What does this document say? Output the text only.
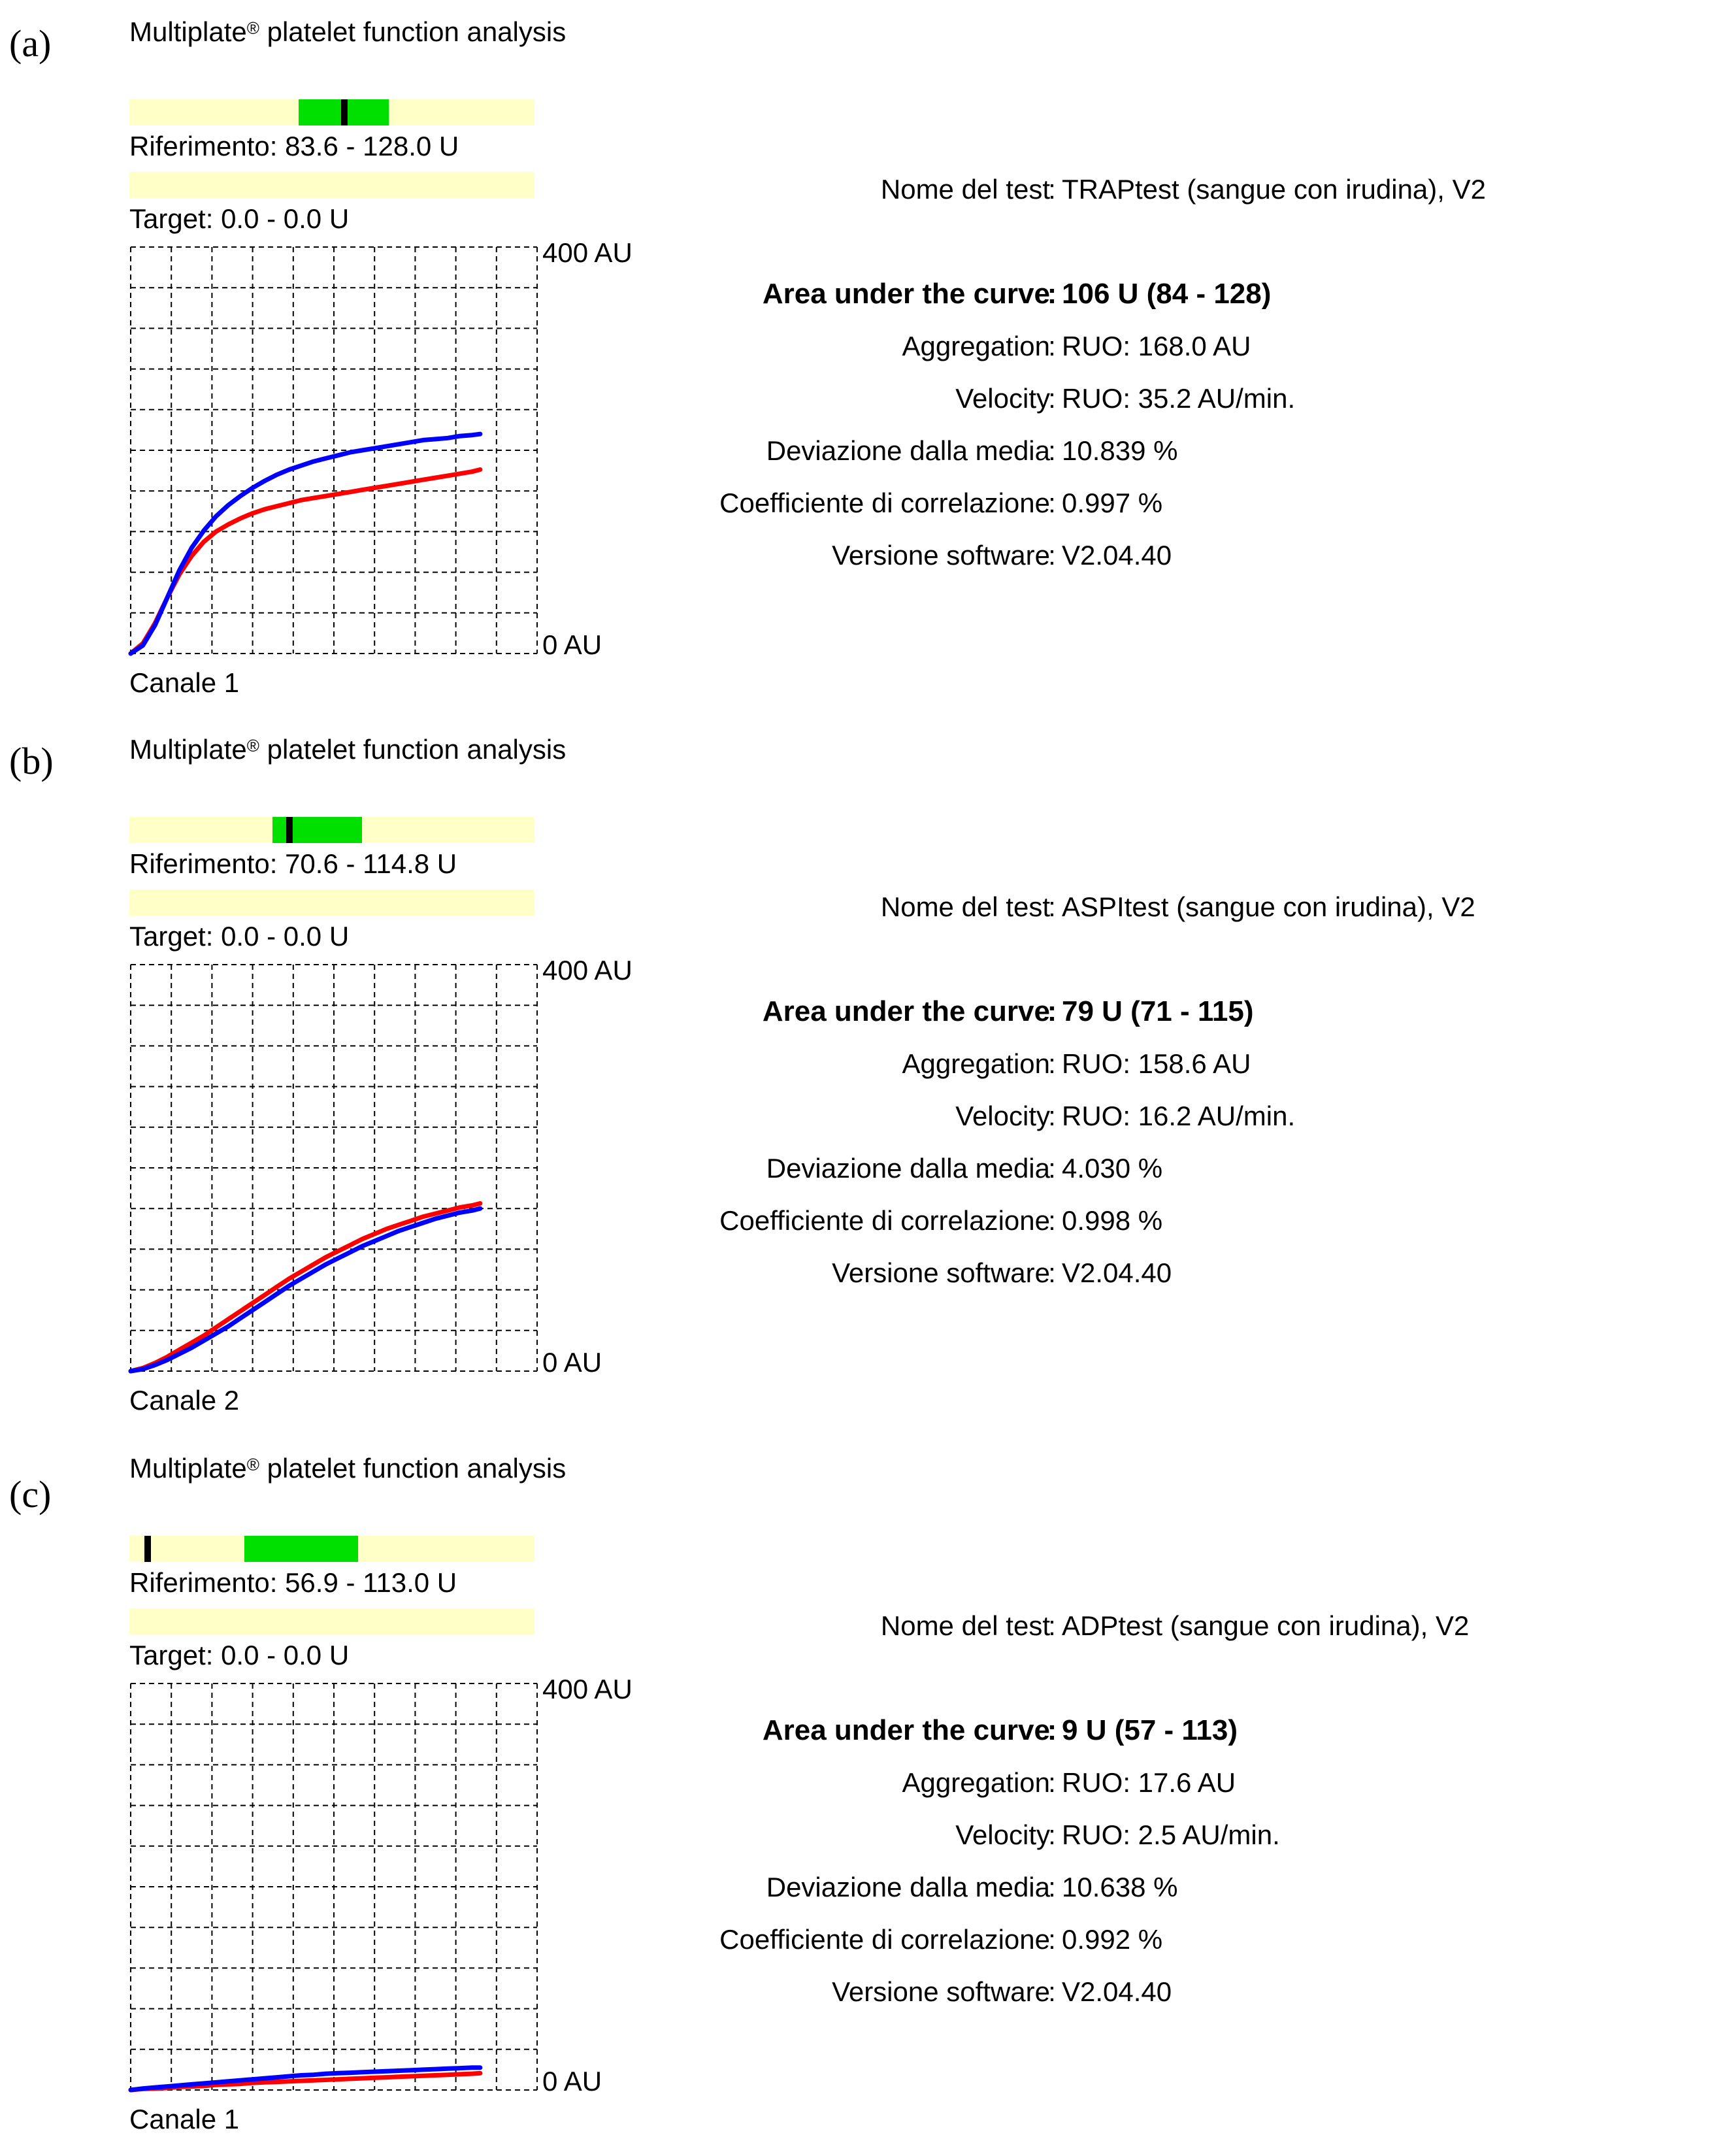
(a)	Multiplate® platelet function analysis
Riferimento: 83.6 - 128.0 U
Target: 0.0 - 0.0 U
400 AU
0 AU
Canale 1
Nome del test
: TRAPtest (sangue con irudina), V2
Area under the curve
: 106 U (84 - 128)
Aggregation
: RUO: 168.0 AU
Velocity
: RUO: 35.2 AU/min.
Deviazione dalla media
: 10.839 %
Coefficiente di correlazione
: 0.997 %
Versione software
: V2.04.40
(b)	Multiplate® platelet function analysis
Riferimento: 70.6 - 114.8 U
Target: 0.0 - 0.0 U
400 AU
0 AU
Canale 2
Nome del test
: ASPItest (sangue con irudina), V2
Area under the curve
: 79 U (71 - 115)
Aggregation
: RUO: 158.6 AU
Velocity
: RUO: 16.2 AU/min.
Deviazione dalla media
: 4.030 %
Coefficiente di correlazione
: 0.998 %
Versione software
: V2.04.40
(c)
Multiplate® platelet function analysis
Riferimento: 56.9 - 113.0 U
Target: 0.0 - 0.0 U
400 AU
0 AU
Canale 1
Nome del test
: ADPtest (sangue con irudina), V2
Area under the curve
: 9 U (57 - 113)
Aggregation
: RUO: 17.6 AU
Velocity
: RUO: 2.5 AU/min.
Deviazione dalla media
: 10.638 %
Coefficiente di correlazione
: 0.992 %
Versione software
: V2.04.40
